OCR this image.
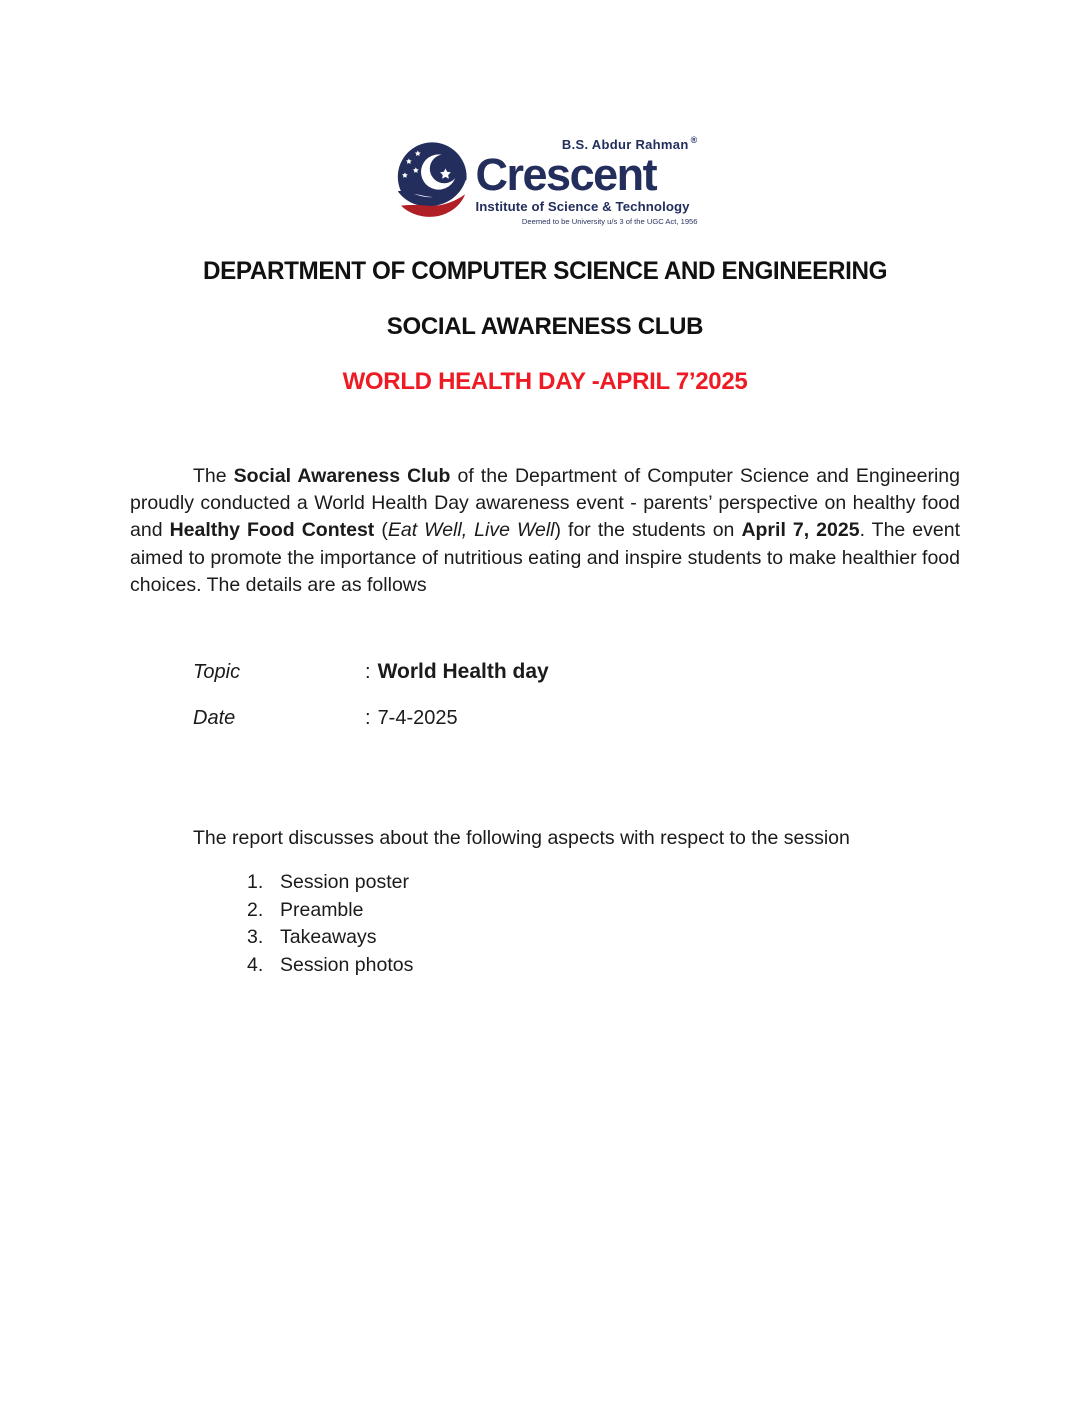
B.S. Abdur Rahman ®
Crescent
Institute of Science & Technology
Deemed to be University u/s 3 of the UGC Act, 1956
DEPARTMENT OF COMPUTER SCIENCE AND ENGINEERING
SOCIAL AWARENESS CLUB
WORLD HEALTH DAY -APRIL 7’2025

The Social Awareness Club of the Department of Computer Science and Engineering proudly conducted a World Health Day awareness event - parents’ perspective on healthy food and Healthy Food Contest (Eat Well, Live Well) for the students on April 7, 2025. The event aimed to promote the importance of nutritious eating and inspire students to make healthier food choices. The details are as follows

Topic	: World Health day
Date	: 7-4-2025
The report discusses about the following aspects with respect to the session
1. Session poster
2. Preamble
3. Takeaways
4. Session photos
